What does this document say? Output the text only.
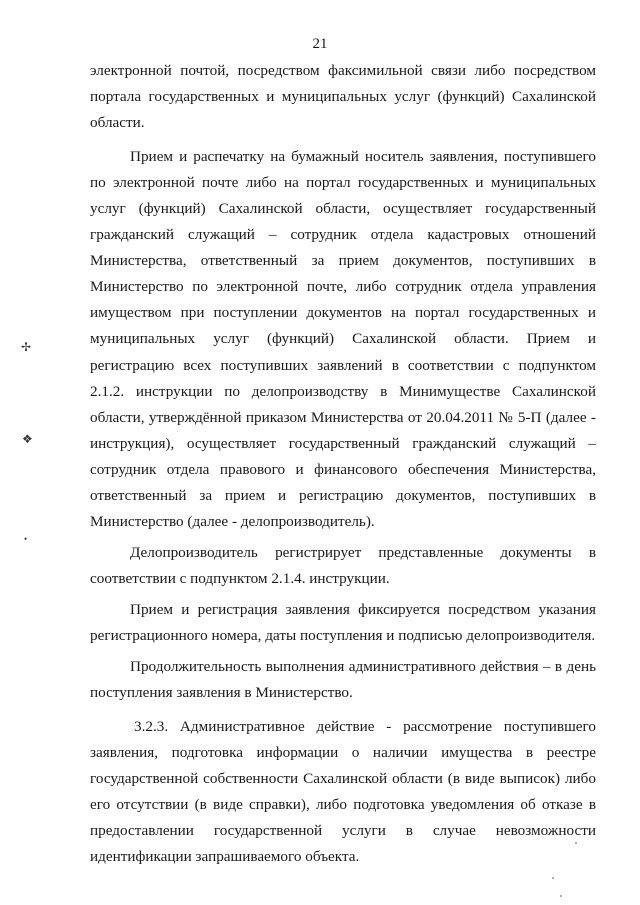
21

электронной почтой, посредством факсимильной связи либо посредством портала государственных и муниципальных услуг (функций) Сахалинской области.

Прием и распечатку на бумажный носитель заявления, поступившего по электронной почте либо на портал государственных и муниципальных услуг (функций) Сахалинской области, осуществляет государственный гражданский служащий – сотрудник отдела кадастровых отношений Министерства, ответственный за прием документов, поступивших в Министерство по электронной почте, либо сотрудник отдела управления имуществом при поступлении документов на портал государственных и муниципальных услуг (функций) Сахалинской области. Прием и регистрацию всех поступивших заявлений в соответствии с подпунктом 2.1.2. инструкции по делопроизводству в Минимуществе Сахалинской области, утверждённой приказом Министерства от 20.04.2011 № 5-П (далее - инструкция), осуществляет государственный гражданский служащий – сотрудник отдела правового и финансового обеспечения Министерства, ответственный за прием и регистрацию документов, поступивших в Министерство (далее - делопроизводитель).

Делопроизводитель регистрирует представленные документы в соответствии с подпунктом 2.1.4. инструкции.

Прием и регистрация заявления фиксируется посредством указания регистрационного номера, даты поступления и подписью делопроизводителя.

Продолжительность выполнения административного действия – в день поступления заявления в Министерство.

3.2.3. Административное действие - рассмотрение поступившего заявления, подготовка информации о наличии имущества в реестре государственной собственности Сахалинской области (в виде выписок) либо его отсутствии (в виде справки), либо подготовка уведомления об отказе в предоставлении государственной услуги в случае невозможности идентификации запрашиваемого объекта.

✢
❖
•
